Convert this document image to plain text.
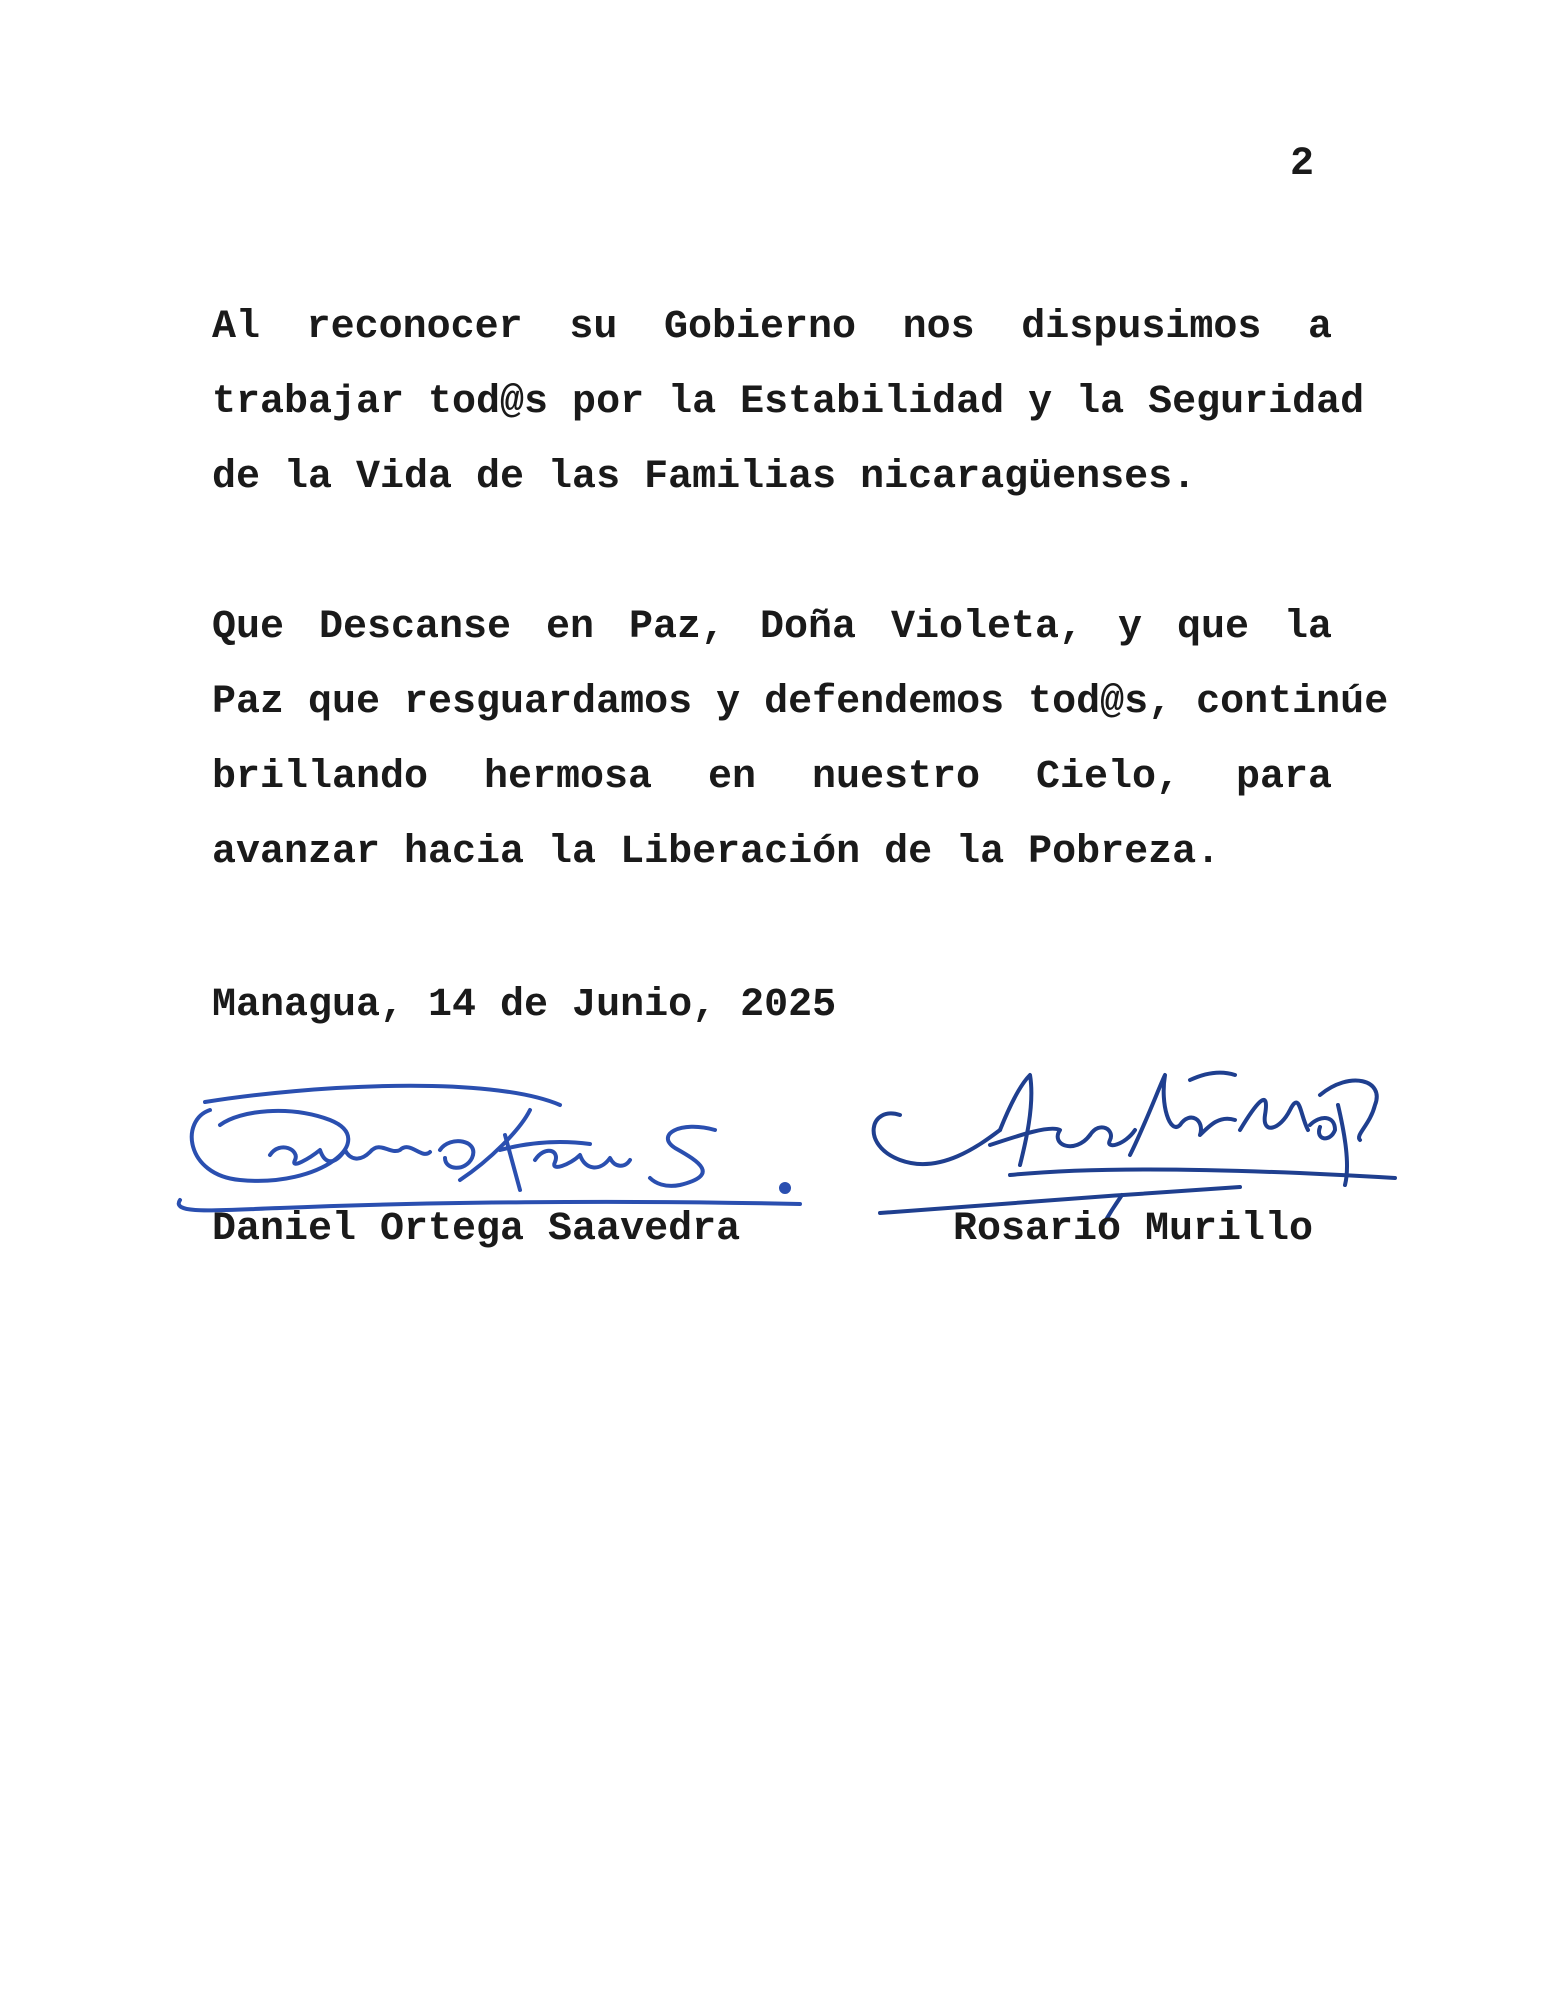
2
Al reconocer su Gobierno nos dispusimos a
trabajar tod@s por la Estabilidad y la Seguridad
de la Vida de las Familias nicaragüenses.
Que Descanse en Paz, Doña Violeta, y que la
Paz que resguardamos y defendemos tod@s, continúe
brillando hermosa en nuestro Cielo, para
avanzar hacia la Liberación de la Pobreza.
Managua, 14 de Junio, 2025
Daniel Ortega Saavedra	Rosario Murillo
